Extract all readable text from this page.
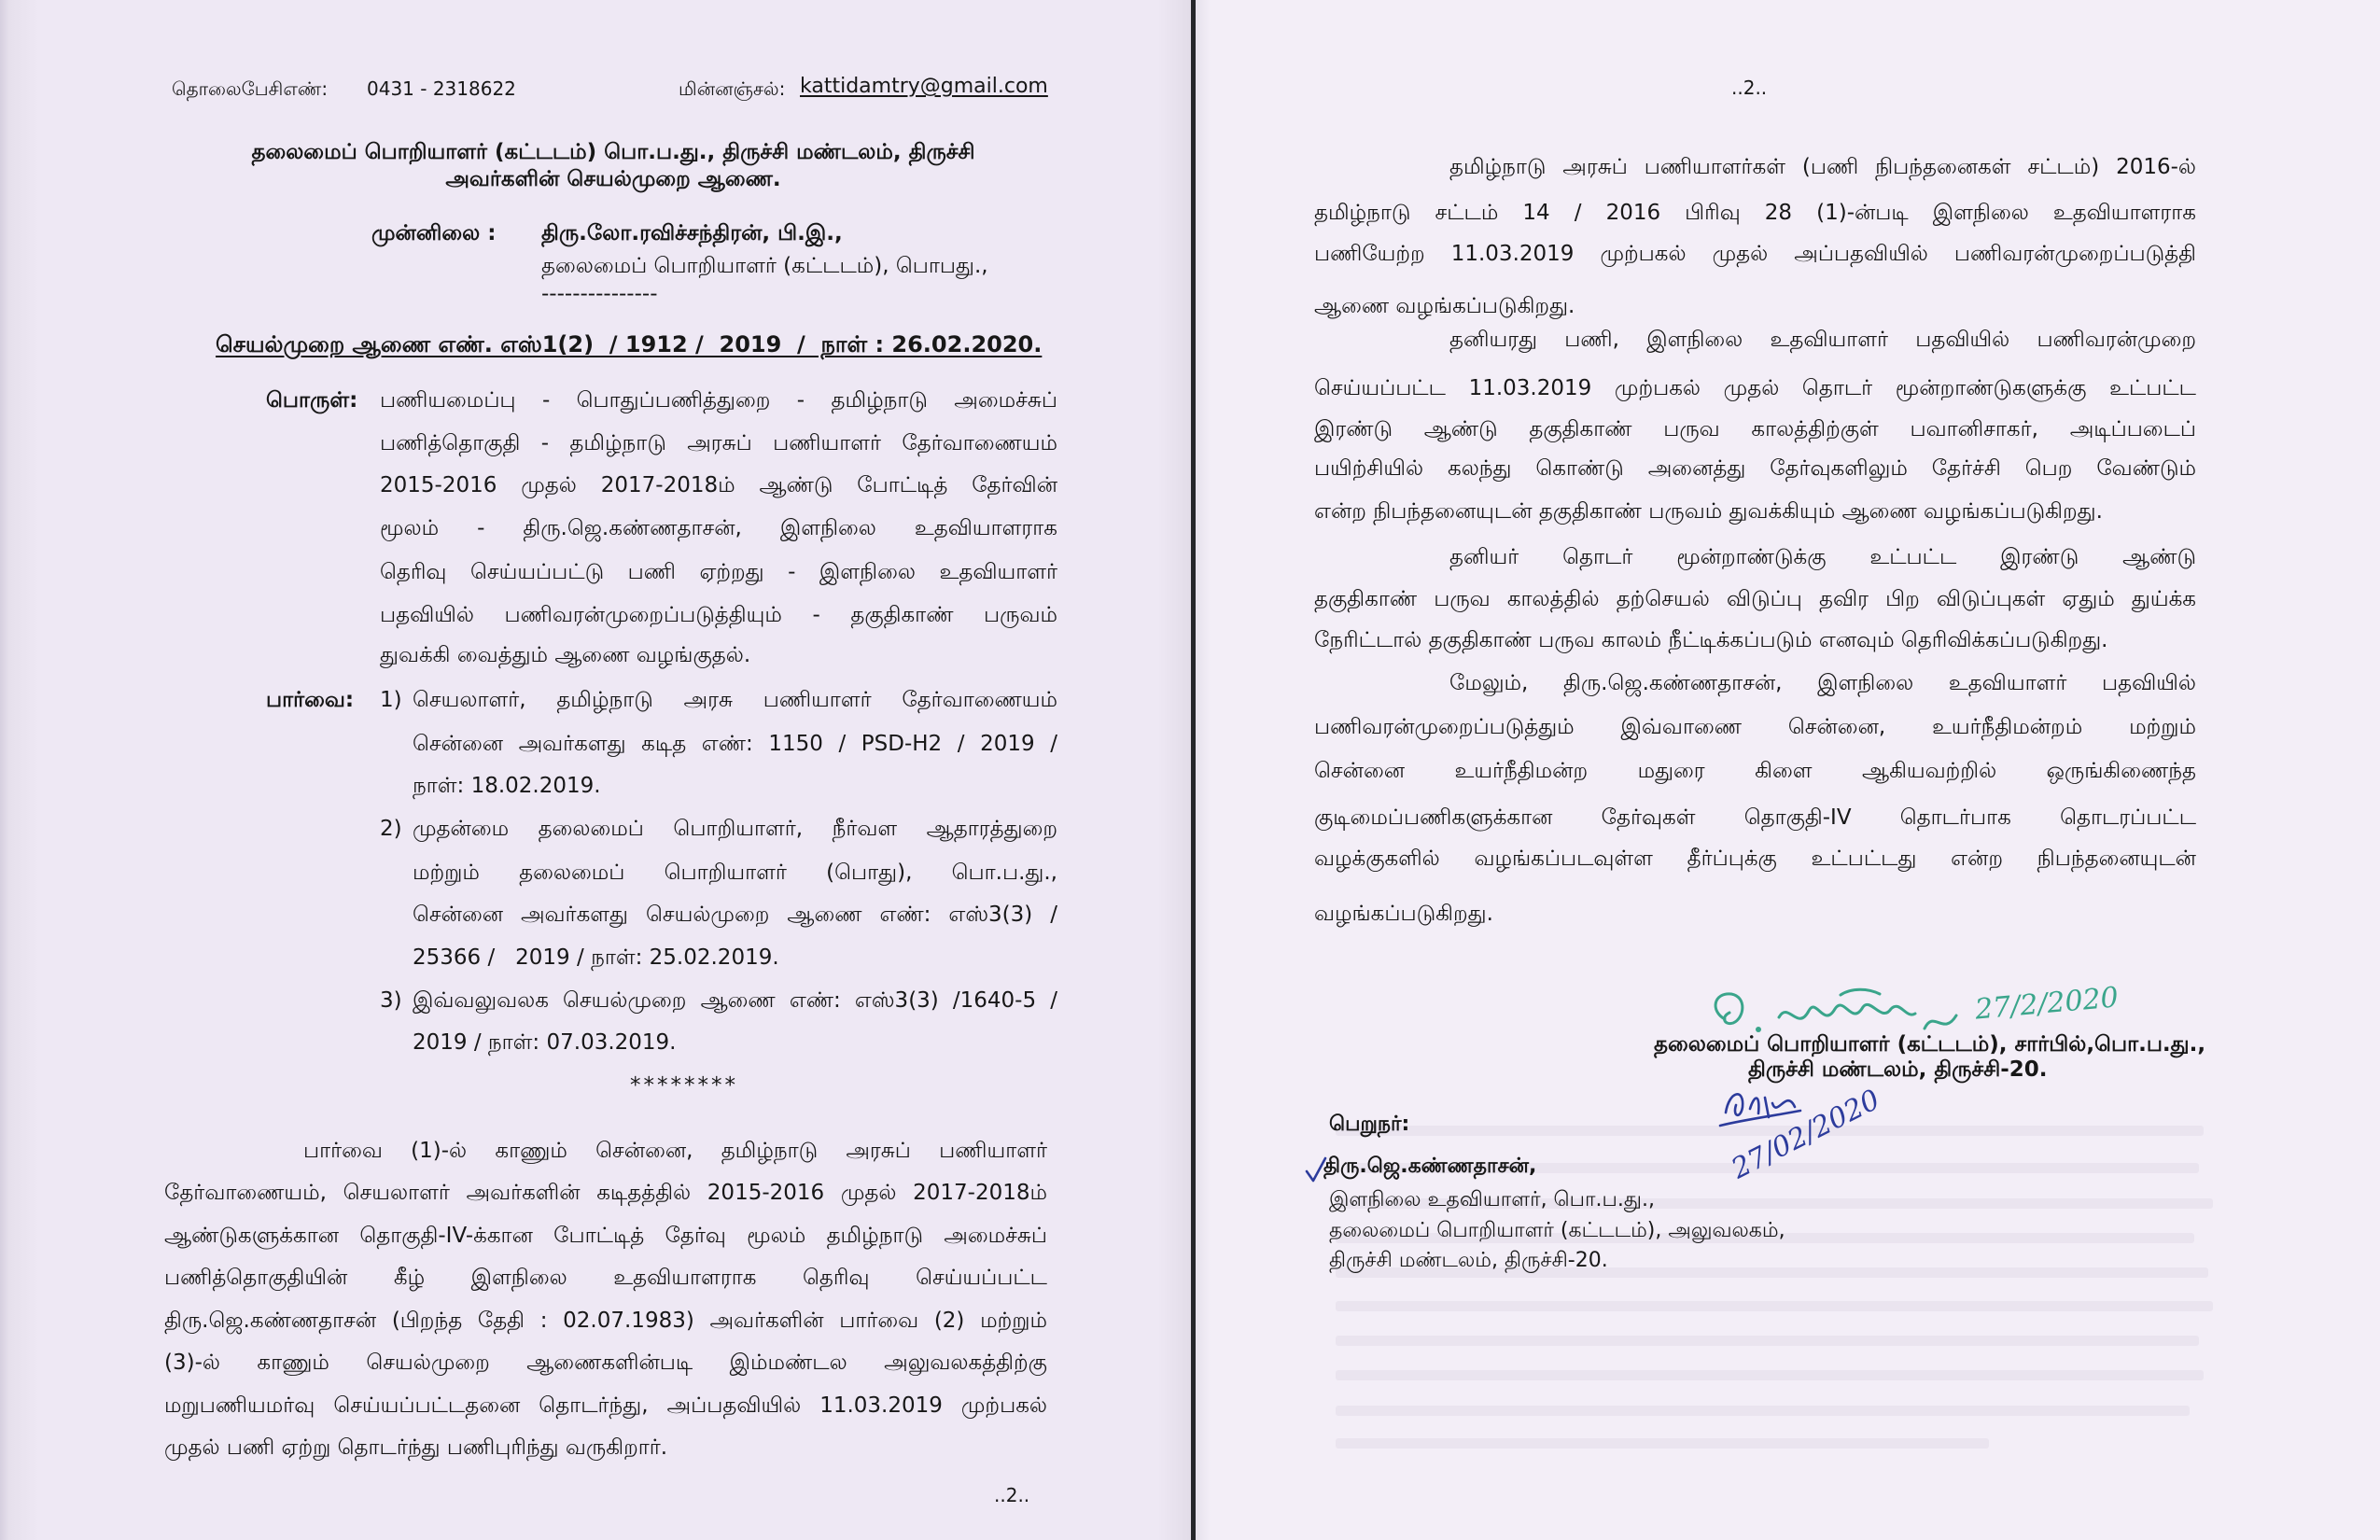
தொலைபேசிஎண்: 0431 - 2318622	மின்னஞ்சல்: kattidamtry@gmail.com
தலைமைப் பொறியாளர் (கட்டடம்) பொ.ப.து., திருச்சி மண்டலம், திருச்சி
அவர்களின் செயல்முறை ஆணை.
முன்னிலை : திரு.லோ.ரவிச்சந்திரன், பி.இ.,
தலைமைப் பொறியாளர் (கட்டடம்), பொபது.,
---------------
செயல்முறை ஆணை எண். எஸ்1(2)  / 1912 /  2019  /  நாள் : 26.02.2020.
பொருள்: பணியமைப்பு - பொதுப்பணித்துறை - தமிழ்நாடு அமைச்சுப்
பணித்தொகுதி - தமிழ்நாடு அரசுப் பணியாளர் தேர்வாணையம்
2015-2016 முதல் 2017-2018ம் ஆண்டு போட்டித் தேர்வின்
மூலம் - திரு.ஜெ.கண்ணதாசன், இளநிலை உதவியாளராக
தெரிவு செய்யப்பட்டு பணி ஏற்றது - இளநிலை உதவியாளர்
பதவியில் பணிவரன்முறைப்படுத்தியும் - தகுதிகாண் பருவம்
துவக்கி வைத்தும் ஆணை வழங்குதல்.
பார்வை: 1) செயலாளர், தமிழ்நாடு அரசு பணியாளர் தேர்வாணையம்
சென்னை அவர்களது கடித எண்: 1150 / PSD-H2 / 2019 /
நாள்: 18.02.2019.
2) முதன்மை தலைமைப் பொறியாளர், நீர்வள ஆதாரத்துறை
மற்றும் தலைமைப் பொறியாளர் (பொது), பொ.ப.து.,
சென்னை அவர்களது செயல்முறை ஆணை எண்: எஸ்3(3) /
25366 /   2019 / நாள்: 25.02.2019.
3) இவ்வலுவலக செயல்முறை ஆணை எண்: எஸ்3(3) /1640-5 /
2019 / நாள்: 07.03.2019.
********
பார்வை (1)-ல் காணும் சென்னை, தமிழ்நாடு அரசுப் பணியாளர்
தேர்வாணையம், செயலாளர் அவர்களின் கடிதத்தில் 2015-2016 முதல் 2017-2018ம்
ஆண்டுகளுக்கான தொகுதி-IV-க்கான போட்டித் தேர்வு மூலம் தமிழ்நாடு அமைச்சுப்
பணித்தொகுதியின் கீழ் இளநிலை உதவியாளராக தெரிவு செய்யப்பட்ட
திரு.ஜெ.கண்ணதாசன் (பிறந்த தேதி : 02.07.1983) அவர்களின் பார்வை (2) மற்றும்
(3)-ல் காணும் செயல்முறை ஆணைகளின்படி இம்மண்டல அலுவலகத்திற்கு
மறுபணியமர்வு செய்யப்பட்டதனை தொடர்ந்து, அப்பதவியில் 11.03.2019 முற்பகல்
முதல் பணி ஏற்று தொடர்ந்து பணிபுரிந்து வருகிறார்.
..2..
..2..
தமிழ்நாடு அரசுப் பணியாளர்கள் (பணி நிபந்தனைகள் சட்டம்) 2016-ல்
தமிழ்நாடு சட்டம் 14 / 2016 பிரிவு 28 (1)-ன்படி இளநிலை உதவியாளராக
பணியேற்ற 11.03.2019 முற்பகல் முதல் அப்பதவியில் பணிவரன்முறைப்படுத்தி
ஆணை வழங்கப்படுகிறது.
தனியரது பணி, இளநிலை உதவியாளர் பதவியில் பணிவரன்முறை
செய்யப்பட்ட 11.03.2019 முற்பகல் முதல் தொடர் மூன்றாண்டுகளுக்கு உட்பட்ட
இரண்டு ஆண்டு தகுதிகாண் பருவ காலத்திற்குள் பவானிசாகர், அடிப்படைப்
பயிற்சியில் கலந்து கொண்டு அனைத்து தேர்வுகளிலும் தேர்ச்சி பெற வேண்டும்
என்ற நிபந்தனையுடன் தகுதிகாண் பருவம் துவக்கியும் ஆணை வழங்கப்படுகிறது.
தனியர் தொடர் மூன்றாண்டுக்கு உட்பட்ட இரண்டு ஆண்டு
தகுதிகாண் பருவ காலத்தில் தற்செயல் விடுப்பு தவிர பிற விடுப்புகள் ஏதும் துய்க்க
நேரிட்டால் தகுதிகாண் பருவ காலம் நீட்டிக்கப்படும் எனவும் தெரிவிக்கப்படுகிறது.
மேலும், திரு.ஜெ.கண்ணதாசன், இளநிலை உதவியாளர் பதவியில்
பணிவரன்முறைப்படுத்தும் இவ்வாணை சென்னை, உயர்நீதிமன்றம் மற்றும்
சென்னை உயர்நீதிமன்ற மதுரை கிளை ஆகியவற்றில் ஒருங்கிணைந்த
குடிமைப்பணிகளுக்கான தேர்வுகள் தொகுதி-IV தொடர்பாக தொடரப்பட்ட
வழக்குகளில் வழங்கப்படவுள்ள தீர்ப்புக்கு உட்பட்டது என்ற நிபந்தனையுடன்
வழங்கப்படுகிறது.
27/2/2020
தலைமைப் பொறியாளர் (கட்டடம்), சார்பில்,பொ.ப.து.,
திருச்சி மண்டலம், திருச்சி-20.
27/02/2020
பெறுநர்:
திரு.ஜெ.கண்ணதாசன்,
இளநிலை உதவியாளர், பொ.ப.து.,
தலைமைப் பொறியாளர் (கட்டடம்), அலுவலகம்,
திருச்சி மண்டலம், திருச்சி-20.
